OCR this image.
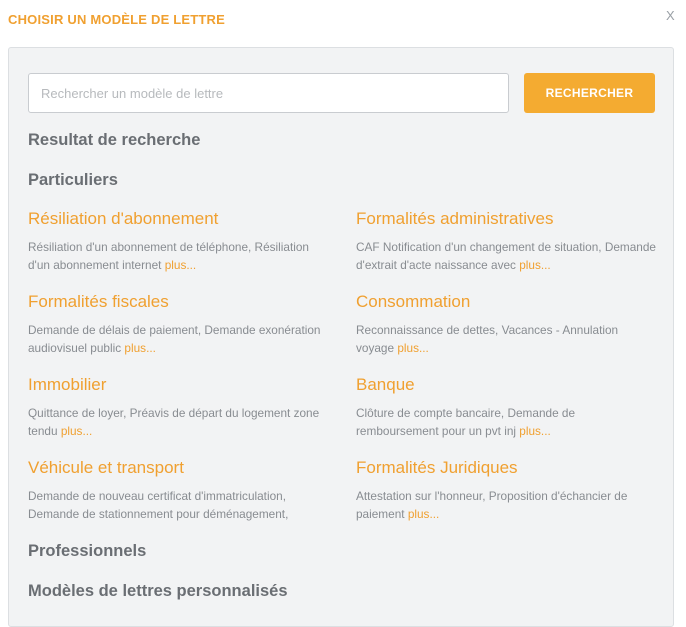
CHOISIR UN MODÈLE DE LETTRE	X
Rechercher un modèle de lettre
RECHERCHER
Resultat de recherche
Particuliers
Résiliation d'abonnement
Résiliation d'un abonnement de téléphone, Résiliation d'un abonnement internet plus...
Formalités administratives
CAF Notification d'un changement de situation, Demande d'extrait d'acte naissance avec plus...
Formalités fiscales
Demande de délais de paiement, Demande exonération audiovisuel public plus...
Consommation
Reconnaissance de dettes, Vacances - Annulation voyage plus...
Immobilier
Quittance de loyer, Préavis de départ du logement zone tendu plus...
Banque
Clôture de compte bancaire, Demande de remboursement pour un pvt inj plus...
Véhicule et transport
Demande de nouveau certificat d'immatriculation, Demande de stationnement pour déménagement,
Formalités Juridiques
Attestation sur l'honneur, Proposition d'échancier de paiement plus...
Professionnels
Modèles de lettres personnalisés
